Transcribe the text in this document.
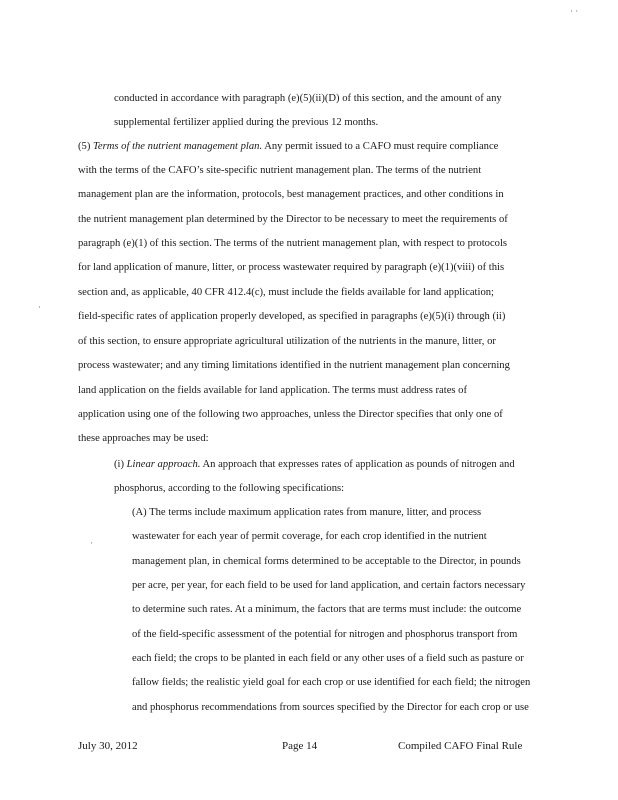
· ·
·
·
conducted in accordance with paragraph (e)(5)(ii)(D) of this section, and the amount of any
supplemental fertilizer applied during the previous 12 months.
(5) Terms of the nutrient management plan. Any permit issued to a CAFO must require compliance
with the terms of the CAFO’s site-specific nutrient management plan. The terms of the nutrient
management plan are the information, protocols, best management practices, and other conditions in
the nutrient management plan determined by the Director to be necessary to meet the requirements of
paragraph (e)(1) of this section. The terms of the nutrient management plan, with respect to protocols
for land application of manure, litter, or process wastewater required by paragraph (e)(1)(viii) of this
section and, as applicable, 40 CFR 412.4(c), must include the fields available for land application;
field-specific rates of application properly developed, as specified in paragraphs (e)(5)(i) through (ii)
of this section, to ensure appropriate agricultural utilization of the nutrients in the manure, litter, or
process wastewater; and any timing limitations identified in the nutrient management plan concerning
land application on the fields available for land application. The terms must address rates of
application using one of the following two approaches, unless the Director specifies that only one of
these approaches may be used:
(i) Linear approach. An approach that expresses rates of application as pounds of nitrogen and
phosphorus, according to the following specifications:
(A) The terms include maximum application rates from manure, litter, and process
wastewater for each year of permit coverage, for each crop identified in the nutrient
management plan, in chemical forms determined to be acceptable to the Director, in pounds
per acre, per year, for each field to be used for land application, and certain factors necessary
to determine such rates. At a minimum, the factors that are terms must include: the outcome
of the field-specific assessment of the potential for nitrogen and phosphorus transport from
each field; the crops to be planted in each field or any other uses of a field such as pasture or
fallow fields; the realistic yield goal for each crop or use identified for each field; the nitrogen
and phosphorus recommendations from sources specified by the Director for each crop or use
July 30, 2012	Page 14	Compiled CAFO Final Rule
